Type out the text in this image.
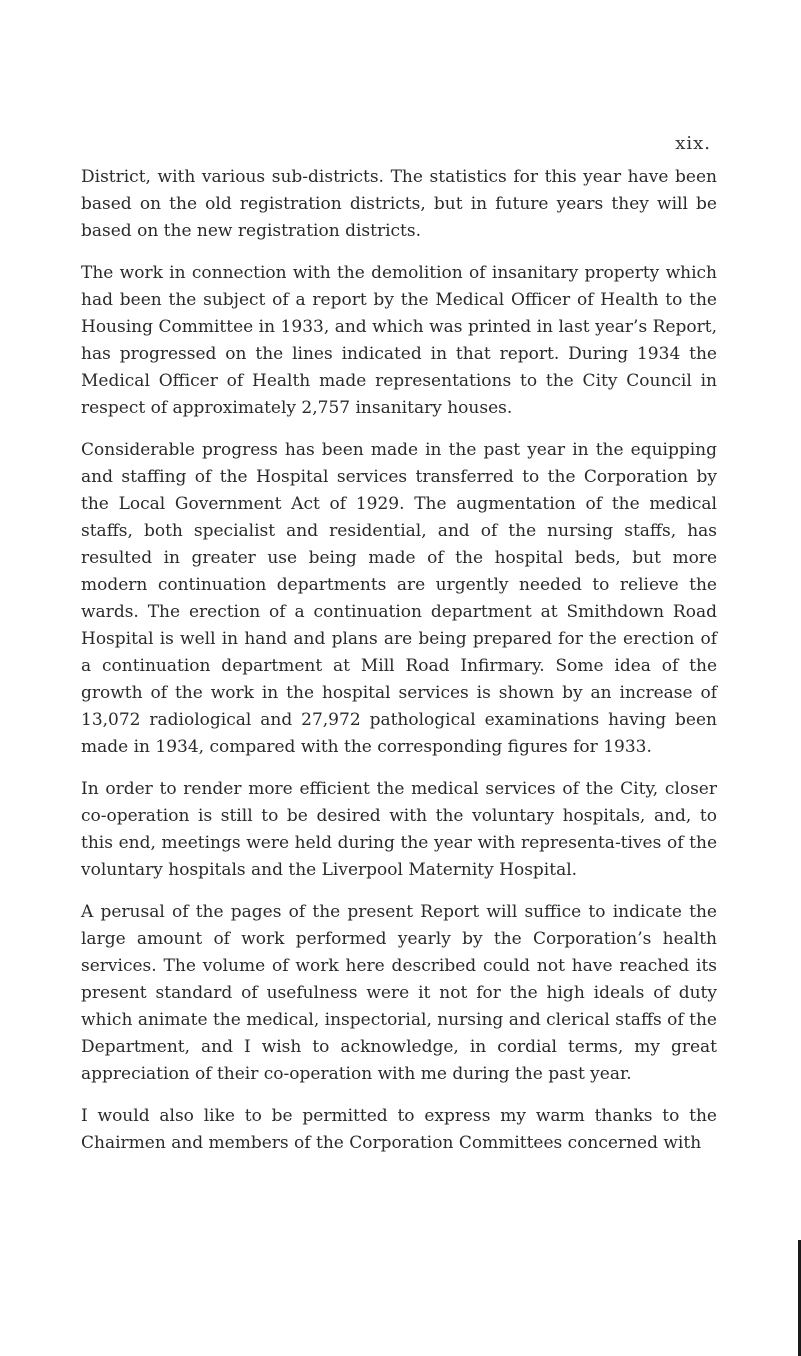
xix.

District, with various sub-districts. The statistics for this year have been based on the old registration districts, but in future years they will be based on the new registration districts.

The work in connection with the demolition of insanitary property which had been the subject of a report by the Medical Officer of Health to the Housing Committee in 1933, and which was printed in last year’s Report, has progressed on the lines indicated in that report. During 1934 the Medical Officer of Health made representations to the City Council in respect of approximately 2,757 insanitary houses.

Considerable progress has been made in the past year in the equipping and staffing of the Hospital services transferred to the Corporation by the Local Government Act of 1929. The augmentation of the medical staffs, both specialist and residential, and of the nursing staffs, has resulted in greater use being made of the hospital beds, but more modern continuation departments are urgently needed to relieve the wards. The erection of a continuation department at Smithdown Road Hospital is well in hand and plans are being prepared for the erection of a continuation department at Mill Road Infirmary. Some idea of the growth of the work in the hospital services is shown by an increase of 13,072 radiological and 27,972 pathological examinations having been made in 1934, compared with the corresponding figures for 1933.

In order to render more efficient the medical services of the City, closer co-operation is still to be desired with the voluntary hospitals, and, to this end, meetings were held during the year with representa-tives of the voluntary hospitals and the Liverpool Maternity Hospital.

A perusal of the pages of the present Report will suffice to indicate the large amount of work performed yearly by the Corporation’s health services. The volume of work here described could not have reached its present standard of usefulness were it not for the high ideals of duty which animate the medical, inspectorial, nursing and clerical staffs of the Department, and I wish to acknowledge, in cordial terms, my great appreciation of their co-operation with me during the past year.

I would also like to be permitted to express my warm thanks to the Chairmen and members of the Corporation Committees concerned with
